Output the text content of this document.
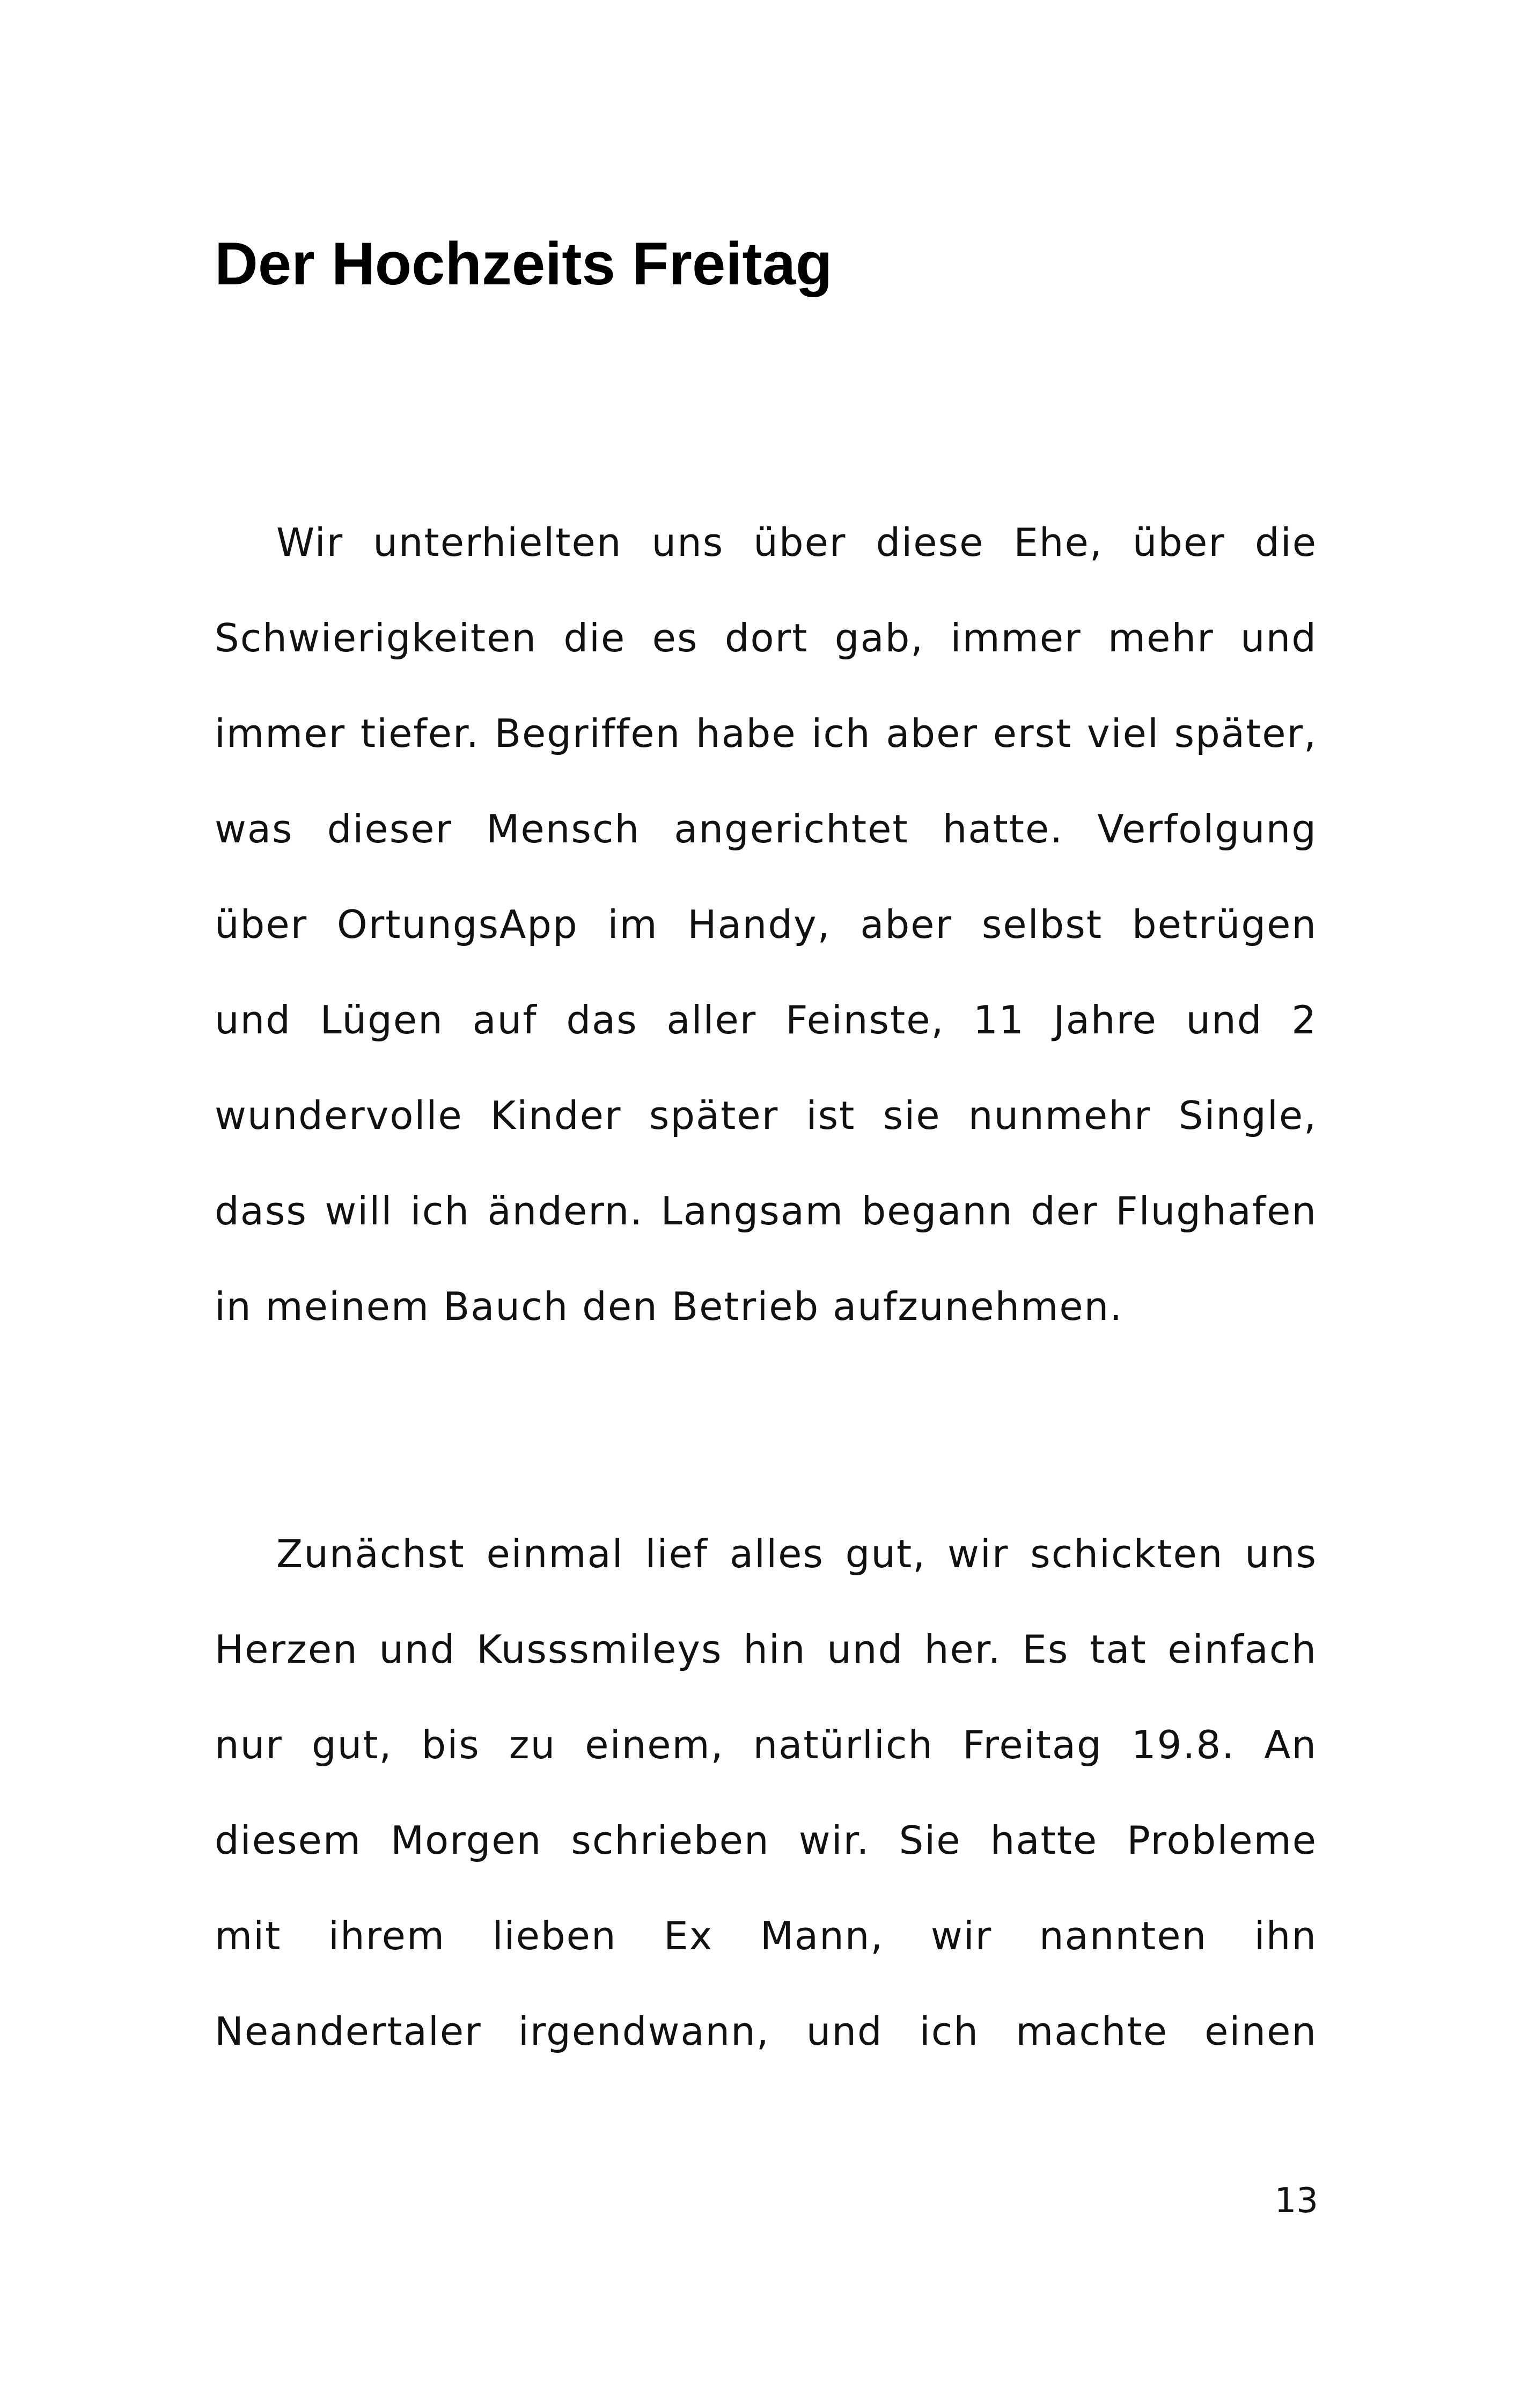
Der Hochzeits Freitag
Wir unterhielten uns über diese Ehe, über die
Schwierigkeiten die es dort gab, immer mehr und
immer tiefer. Begriffen habe ich aber erst viel später,
was dieser Mensch angerichtet hatte. Verfolgung
über OrtungsApp im Handy, aber selbst betrügen
und Lügen auf das aller Feinste, 11 Jahre und 2
wundervolle Kinder später ist sie nunmehr Single,
dass will ich ändern. Langsam begann der Flughafen
in meinem Bauch den Betrieb aufzunehmen.
Zunächst einmal lief alles gut, wir schickten uns
Herzen und Kusssmileys hin und her. Es tat einfach
nur gut, bis zu einem, natürlich Freitag 19.8. An
diesem Morgen schrieben wir. Sie hatte Probleme
mit ihrem lieben Ex Mann, wir nannten ihn
Neandertaler irgendwann, und ich machte einen
13
